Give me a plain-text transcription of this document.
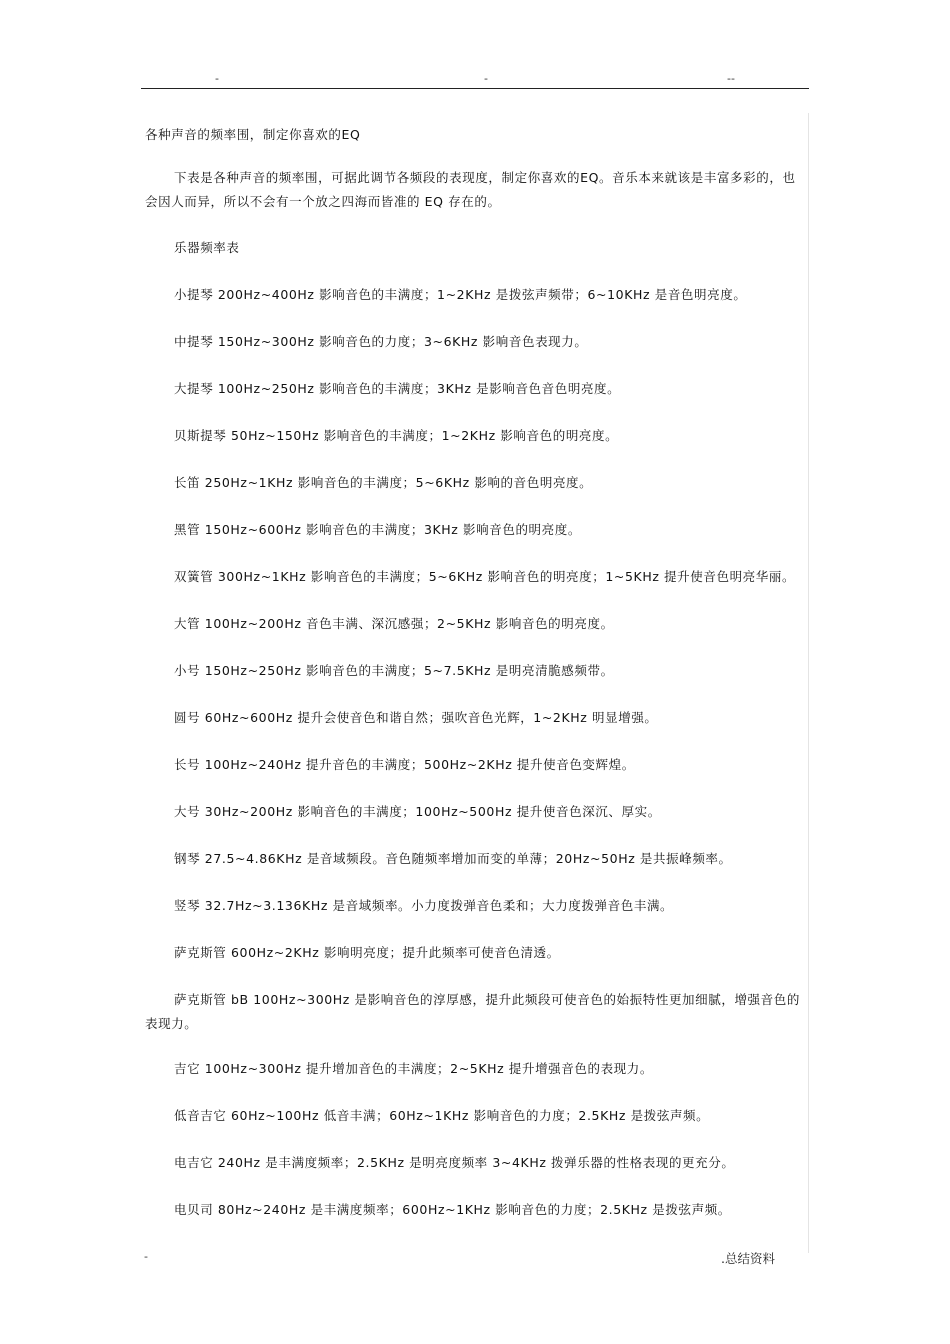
-	-	--
各种声音的频率围，制定你喜欢的EQ

下表是各种声音的频率围，可据此调节各频段的表现度，制定你喜欢的EQ。音乐本来就该是丰富多彩的，也会因人而异，所以不会有一个放之四海而皆准的 EQ 存在的。

乐器频率表

小提琴 200Hz~400Hz 影响音色的丰满度；1~2KHz 是拨弦声频带；6~10KHz 是音色明亮度。

中提琴 150Hz~300Hz 影响音色的力度；3~6KHz 影响音色表现力。

大提琴 100Hz~250Hz 影响音色的丰满度；3KHz 是影响音色音色明亮度。

贝斯提琴 50Hz~150Hz 影响音色的丰满度；1~2KHz 影响音色的明亮度。

长笛 250Hz~1KHz 影响音色的丰满度；5~6KHz 影响的音色明亮度。

黑管 150Hz~600Hz 影响音色的丰满度；3KHz 影响音色的明亮度。

双簧管 300Hz~1KHz 影响音色的丰满度；5~6KHz 影响音色的明亮度；1~5KHz 提升使音色明亮华丽。

大管 100Hz~200Hz 音色丰满、深沉感强；2~5KHz 影响音色的明亮度。

小号 150Hz~250Hz 影响音色的丰满度；5~7.5KHz 是明亮清脆感频带。

圆号 60Hz~600Hz 提升会使音色和谐自然；强吹音色光辉，1~2KHz 明显增强。

长号 100Hz~240Hz 提升音色的丰满度；500Hz~2KHz 提升使音色变辉煌。

大号 30Hz~200Hz 影响音色的丰满度；100Hz~500Hz 提升使音色深沉、厚实。

钢琴 27.5~4.86KHz 是音域频段。音色随频率增加而变的单薄；20Hz~50Hz 是共振峰频率。

竖琴 32.7Hz~3.136KHz 是音域频率。小力度拨弹音色柔和；大力度拨弹音色丰满。

萨克斯管 600Hz~2KHz 影响明亮度；提升此频率可使音色清透。

萨克斯管 bB 100Hz~300Hz 是影响音色的淳厚感，提升此频段可使音色的始振特性更加细腻，增强音色的表现力。

吉它 100Hz~300Hz 提升增加音色的丰满度；2~5KHz 提升增强音色的表现力。

低音吉它 60Hz~100Hz 低音丰满；60Hz~1KHz 影响音色的力度；2.5KHz 是拨弦声频。

电吉它 240Hz 是丰满度频率；2.5KHz 是明亮度频率 3~4KHz 拨弹乐器的性格表现的更充分。

电贝司 80Hz~240Hz 是丰满度频率；600Hz~1KHz 影响音色的力度；2.5KHz 是拨弦声频。

-	.总结资料
